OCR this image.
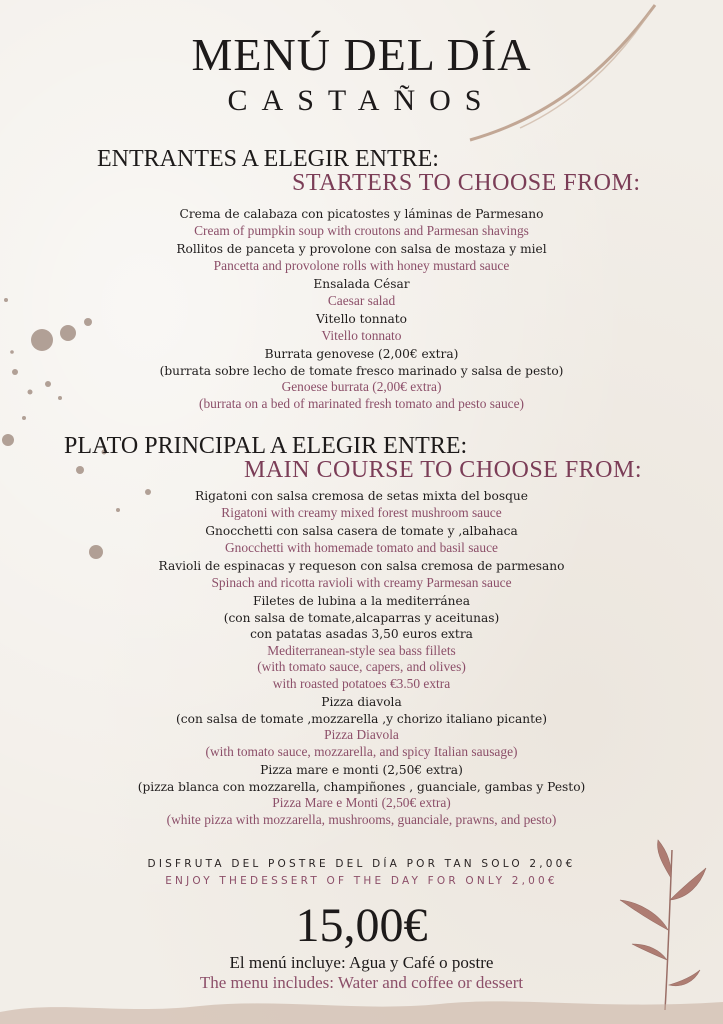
MENÚ DEL DÍA
CASTAÑOS
ENTRANTES A ELEGIR ENTRE:
STARTERS TO CHOOSE FROM:
Crema de calabaza con picatostes y láminas de Parmesano
Cream of pumpkin soup with croutons and Parmesan shavings
Rollitos de panceta y provolone con salsa de mostaza y miel
Pancetta and provolone rolls with honey mustard sauce
Ensalada César
Caesar salad
Vitello tonnato
Vitello tonnato
Burrata genovese (2,00€ extra)
(burrata sobre lecho de tomate fresco marinado y salsa de pesto)
Genoese burrata (2,00€ extra)
(burrata on a bed of marinated fresh tomato and pesto sauce)
PLATO PRINCIPAL A ELEGIR ENTRE:
MAIN COURSE TO CHOOSE FROM:
Rigatoni con salsa cremosa de setas mixta del bosque
Rigatoni with creamy mixed forest mushroom sauce
Gnocchetti con salsa casera de tomate y ,albahaca
Gnocchetti with homemade tomato and basil sauce
Ravioli de espinacas y requeson con salsa cremosa de parmesano
Spinach and ricotta ravioli with creamy Parmesan sauce
Filetes de lubina a la mediterránea
(con salsa de tomate,alcaparras y aceitunas)
con patatas asadas 3,50 euros extra
Mediterranean-style sea bass fillets
(with tomato sauce, capers, and olives)
with roasted potatoes €3.50 extra
Pizza diavola
(con salsa de tomate ,mozzarella ,y chorizo italiano picante)
Pizza Diavola
(with tomato sauce, mozzarella, and spicy Italian sausage)
Pizza mare e monti (2,50€ extra)
(pizza blanca con mozzarella, champiñones , guanciale, gambas y Pesto)
Pizza Mare e Monti (2,50€ extra)
(white pizza with mozzarella, mushrooms, guanciale, prawns, and pesto)
DISFRUTA DEL POSTRE DEL DÍA POR TAN SOLO 2,00€
ENJOY THEDESSERT OF THE DAY FOR ONLY 2,00€
15,00€
El menú incluye: Agua y Café o postre
The menu includes: Water and coffee or dessert
